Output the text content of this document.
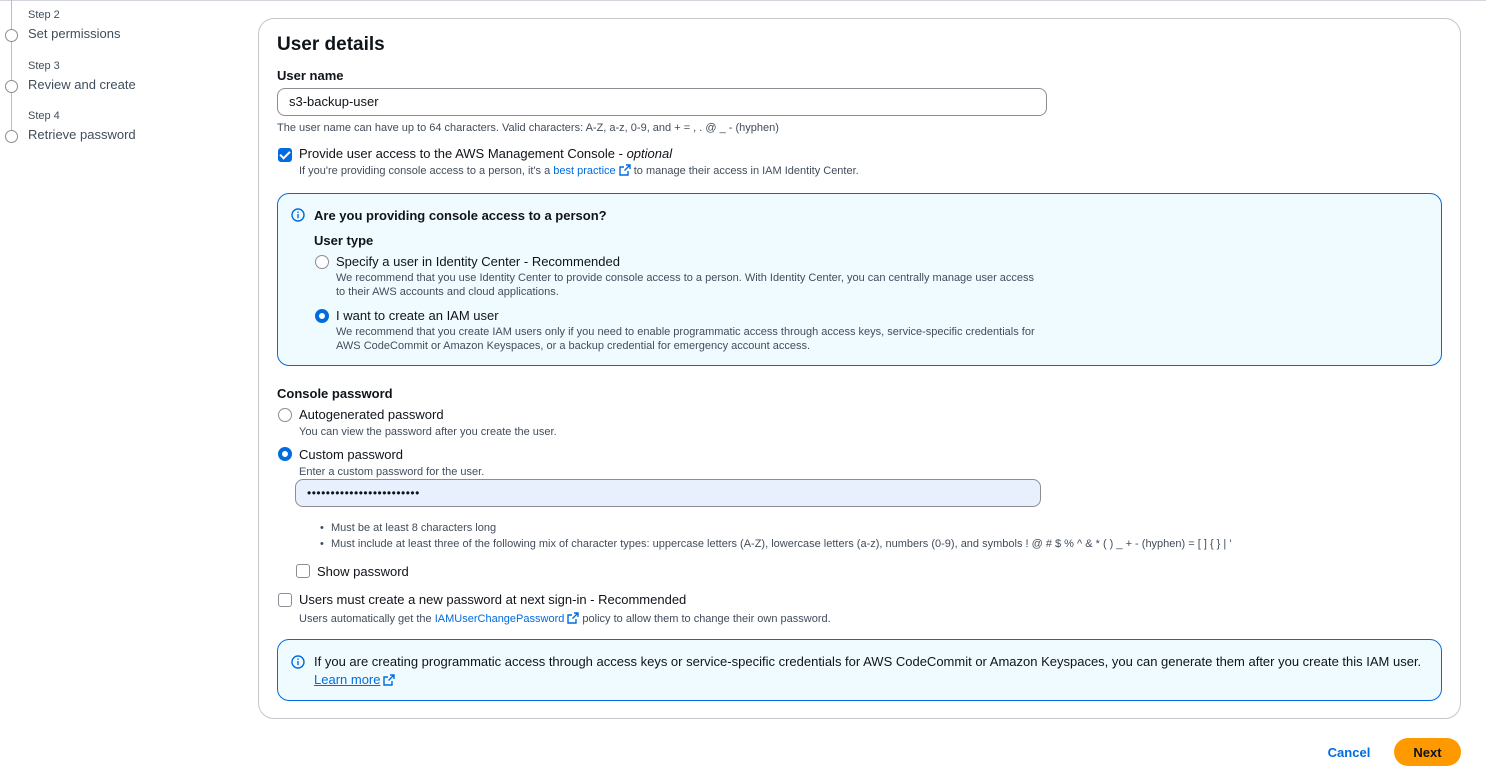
Step 2
Set permissions
Step 3
Review and create
Step 4
Retrieve password
User details
User name
s3-backup-user
The user name can have up to 64 characters. Valid characters: A-Z, a-z, 0-9, and + = , . @ _ - (hyphen)
Provide user access to the AWS Management Console - optional
If you're providing console access to a person, it's a best practice to manage their access in IAM Identity Center.
Are you providing console access to a person?
User type
Specify a user in Identity Center - Recommended
We recommend that you use Identity Center to provide console access to a person. With Identity Center, you can centrally manage user access
to their AWS accounts and cloud applications.
I want to create an IAM user
We recommend that you create IAM users only if you need to enable programmatic access through access keys, service-specific credentials for
AWS CodeCommit or Amazon Keyspaces, or a backup credential for emergency account access.
Console password
Autogenerated password
You can view the password after you create the user.
Custom password
Enter a custom password for the user.
••••••••••••••••••••••••
• Must be at least 8 characters long
• Must include at least three of the following mix of character types: uppercase letters (A-Z), lowercase letters (a-z), numbers (0-9), and symbols ! @ # $ % ^ & * ( ) _ + - (hyphen) = [ ] { } | '
Show password
Users must create a new password at next sign-in - Recommended
Users automatically get the IAMUserChangePassword policy to allow them to change their own password.
If you are creating programmatic access through access keys or service-specific credentials for AWS CodeCommit or Amazon Keyspaces, you can generate them after you create this IAM user.
Learn more
Cancel	Next
